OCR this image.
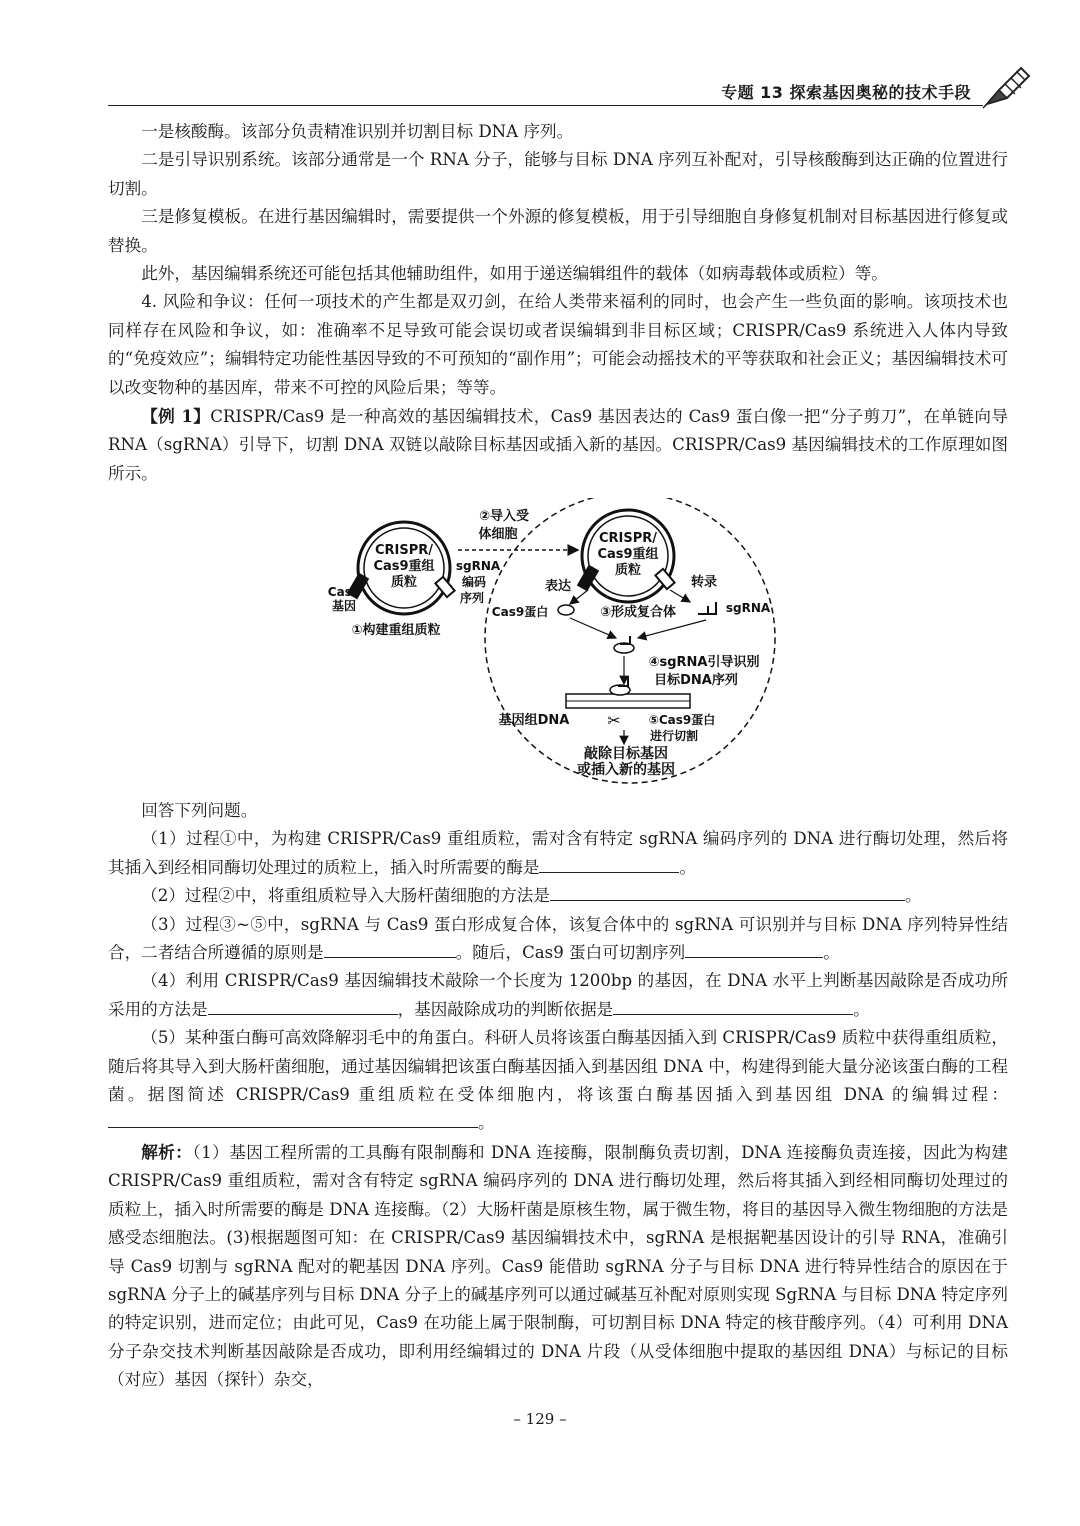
专题 13 探索基因奥秘的技术手段

一是核酸酶。该部分负责精准识别并切割目标 DNA 序列。

二是引导识别系统。该部分通常是一个 RNA 分子，能够与目标 DNA 序列互补配对，引导核酸酶到达正确的位置进行切割。

三是修复模板。在进行基因编辑时，需要提供一个外源的修复模板，用于引导细胞自身修复机制对目标基因进行修复或替换。

此外，基因编辑系统还可能包括其他辅助组件，如用于递送编辑组件的载体（如病毒载体或质粒）等。

4. 风险和争议：任何一项技术的产生都是双刃剑，在给人类带来福利的同时，也会产生一些负面的影响。该项技术也同样存在风险和争议，如：准确率不足导致可能会误切或者误编辑到非目标区域；CRISPR/Cas9 系统进入人体内导致的“免疫效应”；编辑特定功能性基因导致的不可预知的“副作用”；可能会动摇技术的平等获取和社会正义；基因编辑技术可以改变物种的基因库，带来不可控的风险后果；等等。

【例 1】CRISPR/Cas9 是一种高效的基因编辑技术，Cas9 基因表达的 Cas9 蛋白像一把“分子剪刀”，在单链向导 RNA（sgRNA）引导下，切割 DNA 双链以敲除目标基因或插入新的基因。CRISPR/Cas9 基因编辑技术的工作原理如图所示。

CRISPR/
Cas9重组
质粒
Cas9
基因
sgRNA
编码
序列
①构建重组质粒
②导入受
体细胞	CRISPR/
Cas9重组
质粒
表达	转录
Cas9蛋白	③形成复合体	sgRNA
④sgRNA引导识别
目标DNA序列
基因组DNA ✂ ⑤Cas9蛋白
进行切割
敲除目标基因
或插入新的基因

回答下列问题。

（1）过程①中，为构建 CRISPR/Cas9 重组质粒，需对含有特定 sgRNA 编码序列的 DNA 进行酶切处理，然后将其插入到经相同酶切处理过的质粒上，插入时所需要的酶是	。

（2）过程②中，将重组质粒导入大肠杆菌细胞的方法是	。

（3）过程③~⑤中，sgRNA 与 Cas9 蛋白形成复合体，该复合体中的 sgRNA 可识别并与目标 DNA 序列特异性结合，二者结合所遵循的原则是	。随后，Cas9 蛋白可切割序列	。

（4）利用 CRISPR/Cas9 基因编辑技术敲除一个长度为 1200bp 的基因，在 DNA 水平上判断基因敲除是否成功所采用的方法是	，基因敲除成功的判断依据是	。

（5）某种蛋白酶可高效降解羽毛中的角蛋白。科研人员将该蛋白酶基因插入到 CRISPR/Cas9 质粒中获得重组质粒，随后将其导入到大肠杆菌细胞，通过基因编辑把该蛋白酶基因插入到基因组 DNA 中，构建得到能大量分泌该蛋白酶的工程菌。据图简述 CRISPR/Cas9 重组质粒在受体细胞内，将该蛋白酶基因插入到基因组 DNA 的编辑过程：。

解析：（1）基因工程所需的工具酶有限制酶和 DNA 连接酶，限制酶负责切割，DNA 连接酶负责连接，因此为构建 CRISPR/Cas9 重组质粒，需对含有特定 sgRNA 编码序列的 DNA 进行酶切处理，然后将其插入到经相同酶切处理过的质粒上，插入时所需要的酶是 DNA 连接酶。（2）大肠杆菌是原核生物，属于微生物，将目的基因导入微生物细胞的方法是感受态细胞法。(3)根据题图可知：在 CRISPR/Cas9 基因编辑技术中，sgRNA 是根据靶基因设计的引导 RNA，准确引导 Cas9 切割与 sgRNA 配对的靶基因 DNA 序列。Cas9 能借助 sgRNA 分子与目标 DNA 进行特异性结合的原因在于 sgRNA 分子上的碱基序列与目标 DNA 分子上的碱基序列可以通过碱基互补配对原则实现 SgRNA 与目标 DNA 特定序列的特定识别，进而定位；由此可见，Cas9 在功能上属于限制酶，可切割目标 DNA 特定的核苷酸序列。（4）可利用 DNA 分子杂交技术判断基因敲除是否成功，即利用经编辑过的 DNA 片段（从受体细胞中提取的基因组 DNA）与标记的目标（对应）基因（探针）杂交，

– 129 –
